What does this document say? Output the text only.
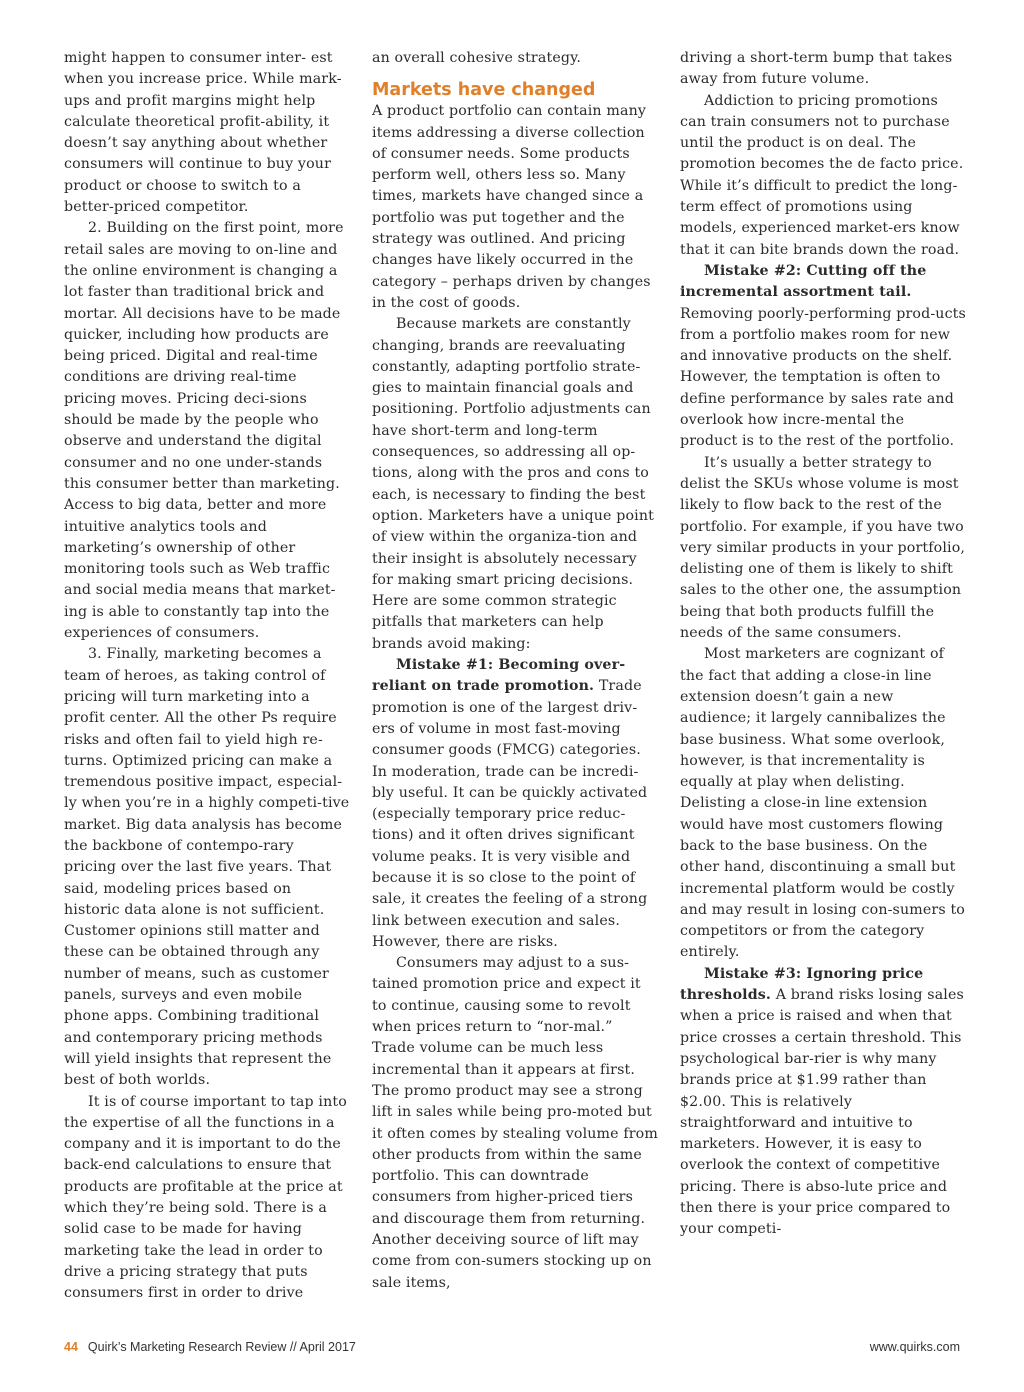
might happen to consumer inter- est when you increase price. While mark-ups and profit margins might help calculate theoretical profit-ability, it doesn’t say anything about whether consumers will continue to buy your product or choose to switch to a better-priced competitor.

2. Building on the first point, more retail sales are moving to on-line and the online environment is changing a lot faster than traditional brick and mortar. All decisions have to be made quicker, including how products are being priced. Digital and real-time conditions are driving real-time pricing moves. Pricing deci-sions should be made by the people who observe and understand the digital consumer and no one under-stands this consumer better than marketing. Access to big data, better and more intuitive analytics tools and marketing’s ownership of other monitoring tools such as Web traffic and social media means that market-ing is able to constantly tap into the experiences of consumers.

3. Finally, marketing becomes a team of heroes, as taking control of pricing will turn marketing into a profit center. All the other Ps require risks and often fail to yield high re-turns. Optimized pricing can make a tremendous positive impact, especial-ly when you’re in a highly competi-tive market. Big data analysis has become the backbone of contempo-rary pricing over the last five years. That said, modeling prices based on historic data alone is not sufficient. Customer opinions still matter and these can be obtained through any number of means, such as customer panels, surveys and even mobile phone apps. Combining traditional and contemporary pricing methods will yield insights that represent the best of both worlds.

It is of course important to tap into the expertise of all the functions in a company and it is important to do the back-end calculations to ensure that products are profitable at the price at which they’re being sold. There is a solid case to be made for having marketing take the lead in order to drive a pricing strategy that puts consumers first in order to drive

an overall cohesive strategy.

Markets have changed

A product portfolio can contain many items addressing a diverse collection of consumer needs. Some products perform well, others less so. Many times, markets have changed since a portfolio was put together and the strategy was outlined. And pricing changes have likely occurred in the category – perhaps driven by changes in the cost of goods.

Because markets are constantly changing, brands are reevaluating constantly, adapting portfolio strate-gies to maintain financial goals and positioning. Portfolio adjustments can have short-term and long-term consequences, so addressing all op-tions, along with the pros and cons to each, is necessary to finding the best option. Marketers have a unique point of view within the organiza-tion and their insight is absolutely necessary for making smart pricing decisions. Here are some common strategic pitfalls that marketers can help brands avoid making:

Mistake #1: Becoming over-reliant on trade promotion. Trade promotion is one of the largest driv-ers of volume in most fast-moving consumer goods (FMCG) categories. In moderation, trade can be incredi-bly useful. It can be quickly activated (especially temporary price reduc-tions) and it often drives significant volume peaks. It is very visible and because it is so close to the point of sale, it creates the feeling of a strong link between execution and sales. However, there are risks.

Consumers may adjust to a sus-tained promotion price and expect it to continue, causing some to revolt when prices return to “nor-mal.” Trade volume can be much less incremental than it appears at first. The promo product may see a strong lift in sales while being pro-moted but it often comes by stealing volume from other products from within the same portfolio. This can downtrade consumers from higher-priced tiers and discourage them from returning. Another deceiving source of lift may come from con-sumers stocking up on sale items,

driving a short-term bump that takes away from future volume.

Addiction to pricing promotions can train consumers not to purchase until the product is on deal. The promotion becomes the de facto price. While it’s difficult to predict the long-term effect of promotions using models, experienced market-ers know that it can bite brands down the road.

Mistake #2: Cutting off the incremental assortment tail. Removing poorly-performing prod-ucts from a portfolio makes room for new and innovative products on the shelf. However, the temptation is often to define performance by sales rate and overlook how incre-mental the product is to the rest of the portfolio.

It’s usually a better strategy to delist the SKUs whose volume is most likely to flow back to the rest of the portfolio. For example, if you have two very similar products in your portfolio, delisting one of them is likely to shift sales to the other one, the assumption being that both products fulfill the needs of the same consumers.

Most marketers are cognizant of the fact that adding a close-in line extension doesn’t gain a new audience; it largely cannibalizes the base business. What some overlook, however, is that incrementality is equally at play when delisting. Delisting a close-in line extension would have most customers flowing back to the base business. On the other hand, discontinuing a small but incremental platform would be costly and may result in losing con-sumers to competitors or from the category entirely.

Mistake #3: Ignoring price thresholds. A brand risks losing sales when a price is raised and when that price crosses a certain threshold. This psychological bar-rier is why many brands price at $1.99 rather than $2.00. This is relatively straightforward and intuitive to marketers. However, it is easy to overlook the context of competitive pricing. There is abso-lute price and then there is your price compared to your competi-

44 Quirk’s Marketing Research Review // April 2017	www.quirks.com
